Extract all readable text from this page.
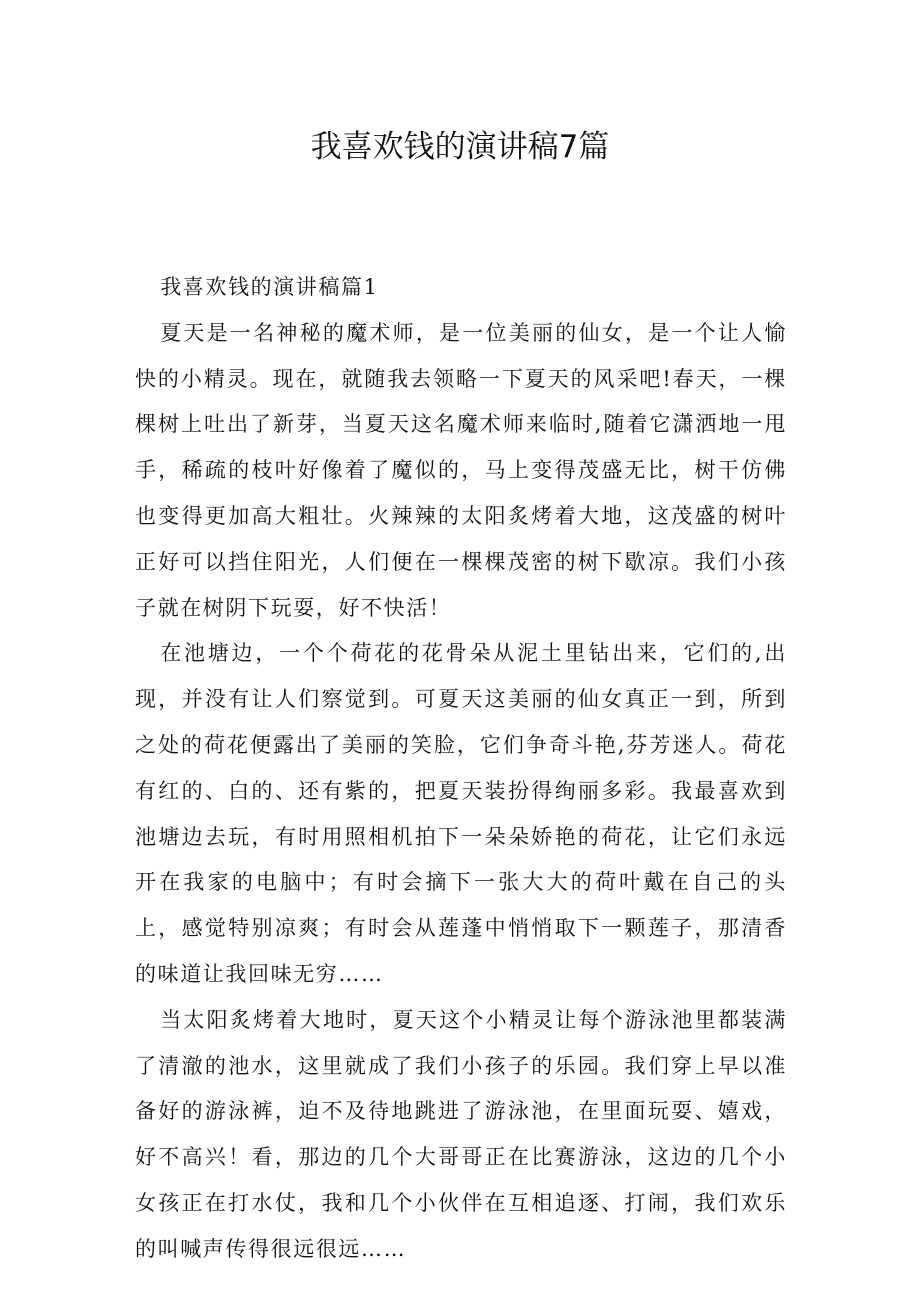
我喜欢钱的演讲稿7篇

我喜欢钱的演讲稿篇1

夏天是一名神秘的魔术师，是一位美丽的仙女，是一个让人愉快的小精灵。现在，就随我去领略一下夏天的风采吧!春天，一棵棵树上吐出了新芽，当夏天这名魔术师来临时,随着它潇洒地一甩手，稀疏的枝叶好像着了魔似的，马上变得茂盛无比，树干仿佛也变得更加高大粗壮。火辣辣的太阳炙烤着大地，这茂盛的树叶正好可以挡住阳光，人们便在一棵棵茂密的树下歇凉。我们小孩子就在树阴下玩耍，好不快活！

在池塘边，一个个荷花的花骨朵从泥土里钻出来，它们的,出现，并没有让人们察觉到。可夏天这美丽的仙女真正一到，所到之处的荷花便露出了美丽的笑脸，它们争奇斗艳,芬芳迷人。荷花有红的、白的、还有紫的，把夏天装扮得绚丽多彩。我最喜欢到池塘边去玩，有时用照相机拍下一朵朵娇艳的荷花，让它们永远开在我家的电脑中；有时会摘下一张大大的荷叶戴在自己的头上，感觉特别凉爽；有时会从莲蓬中悄悄取下一颗莲子，那清香的味道让我回味无穷……

当太阳炙烤着大地时，夏天这个小精灵让每个游泳池里都装满了清澈的池水，这里就成了我们小孩子的乐园。我们穿上早以准备好的游泳裤，迫不及待地跳进了游泳池，在里面玩耍、嬉戏，好不高兴！看，那边的几个大哥哥正在比赛游泳，这边的几个小女孩正在打水仗，我和几个小伙伴在互相追逐、打闹，我们欢乐的叫喊声传得很远很远……
